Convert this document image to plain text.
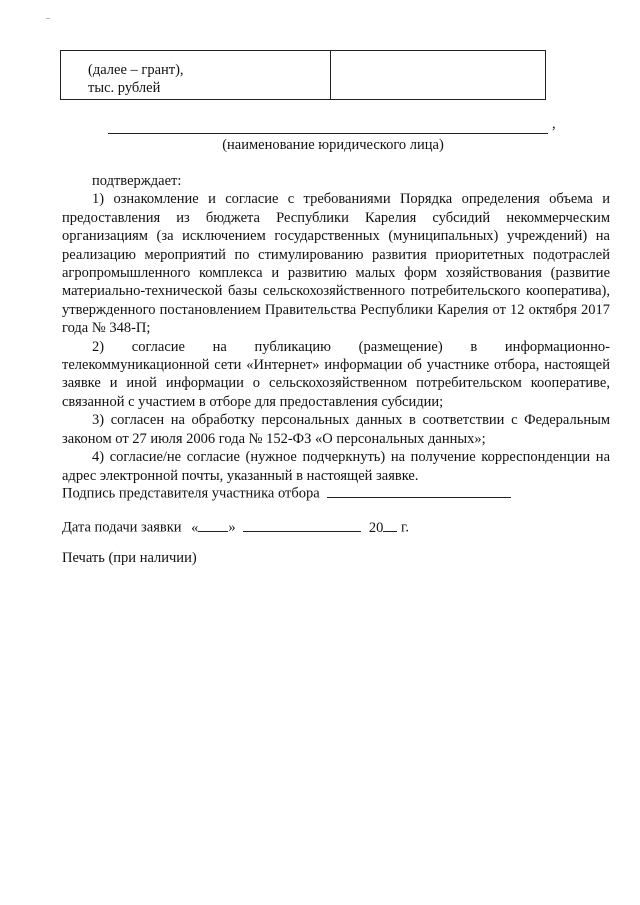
(далее – грант),
тыс. рублей

,
(наименование юридического лица)

подтверждает:

1) ознакомление и согласие с требованиями Порядка определения объема и предоставления из бюджета Республики Карелия субсидий некоммерческим организациям (за исключением государственных (муниципальных) учреждений) на реализацию мероприятий по стимулированию развития приоритетных подотраслей агропромышленного комплекса и развитию малых форм хозяйствования (развитие материально-технической базы сельскохозяйственного потребительского кооператива), утвержденного постановлением Правительства Республики Карелия от 12 октября 2017 года № 348-П;

2) согласие на публикацию (размещение) в информационно-телекоммуникационной сети «Интернет» информации об участнике отбора, настоящей заявке и иной информации о сельскохозяйственном потребительском кооперативе, связанной с участием в отборе для предоставления субсидии;

3) согласен на обработку персональных данных в соответствии с Федеральным законом от 27 июля 2006 года № 152-ФЗ «О персональных данных»;

4) согласие/не согласие (нужное подчеркнуть) на получение корреспонденции на адрес электронной почты, указанный в настоящей заявке.

Подпись представителя участника отбора
Дата подачи заявки « »	20 г.
Печать (при наличии)
